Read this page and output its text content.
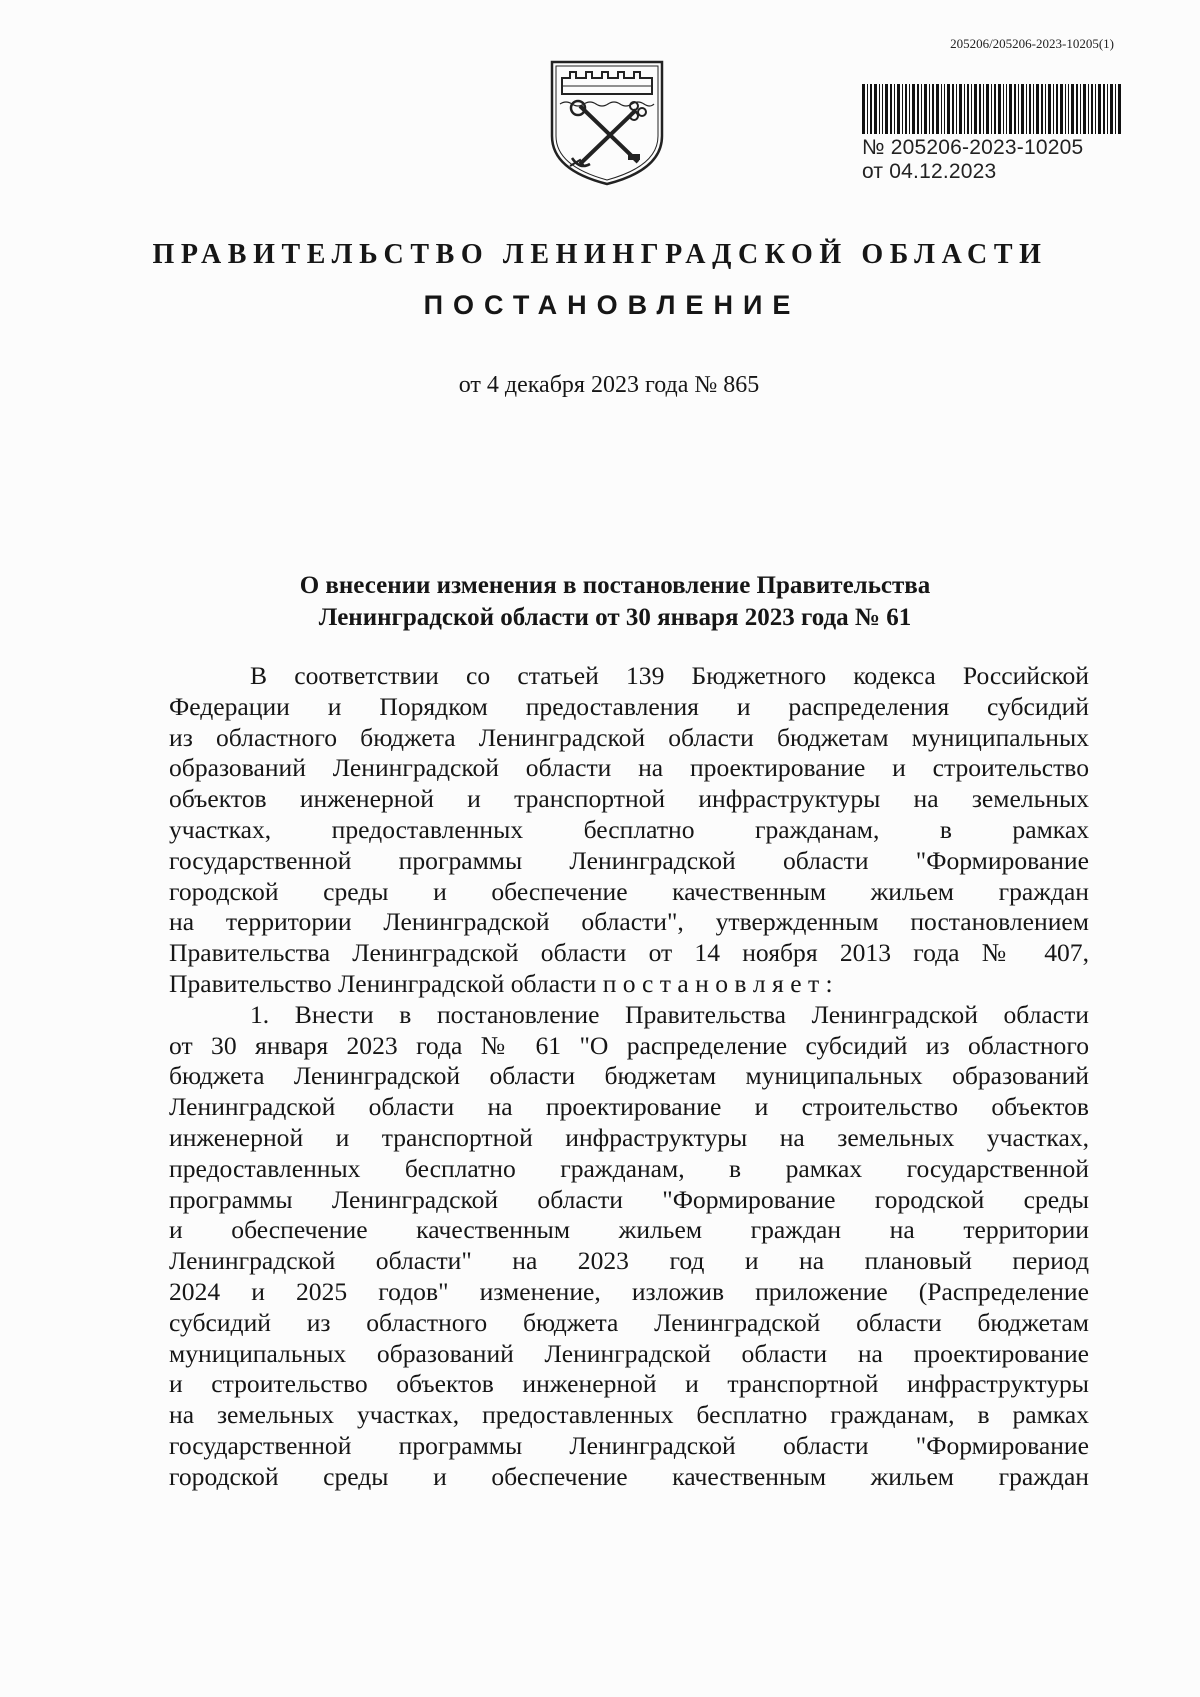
205206/205206-2023-10205(1)
№ 205206-2023-10205
от 04.12.2023
ПРАВИТЕЛЬСТВО ЛЕНИНГРАДСКОЙ ОБЛАСТИ
ПОСТАНОВЛЕНИЕ
от 4 декабря 2023 года № 865
О внесении изменения в постановление Правительства
Ленинградской области от 30 января 2023 года № 61
В соответствии со статьей 139 Бюджетного кодекса Российской
Федерации и Порядком предоставления и распределения субсидий
из областного бюджета Ленинградской области бюджетам муниципальных
образований Ленинградской области на проектирование и строительство
объектов инженерной и транспортной инфраструктуры на земельных
участках, предоставленных бесплатно гражданам, в рамках
государственной программы Ленинградской области "Формирование
городской среды и обеспечение качественным жильем граждан
на территории Ленинградской области", утвержденным постановлением
Правительства Ленинградской области от 14 ноября 2013 года № 407,
Правительство Ленинградской области п о с т а н о в л я е т :
1. Внести в постановление Правительства Ленинградской области
от 30 января 2023 года № 61 "О распределение субсидий из областного
бюджета Ленинградской области бюджетам муниципальных образований
Ленинградской области на проектирование и строительство объектов
инженерной и транспортной инфраструктуры на земельных участках,
предоставленных бесплатно гражданам, в рамках государственной
программы Ленинградской области "Формирование городской среды
и обеспечение качественным жильем граждан на территории
Ленинградской области" на 2023 год и на плановый период
2024 и 2025 годов" изменение, изложив приложение (Распределение
субсидий из областного бюджета Ленинградской области бюджетам
муниципальных образований Ленинградской области на проектирование
и строительство объектов инженерной и транспортной инфраструктуры
на земельных участках, предоставленных бесплатно гражданам, в рамках
государственной программы Ленинградской области "Формирование
городской среды и обеспечение качественным жильем граждан
